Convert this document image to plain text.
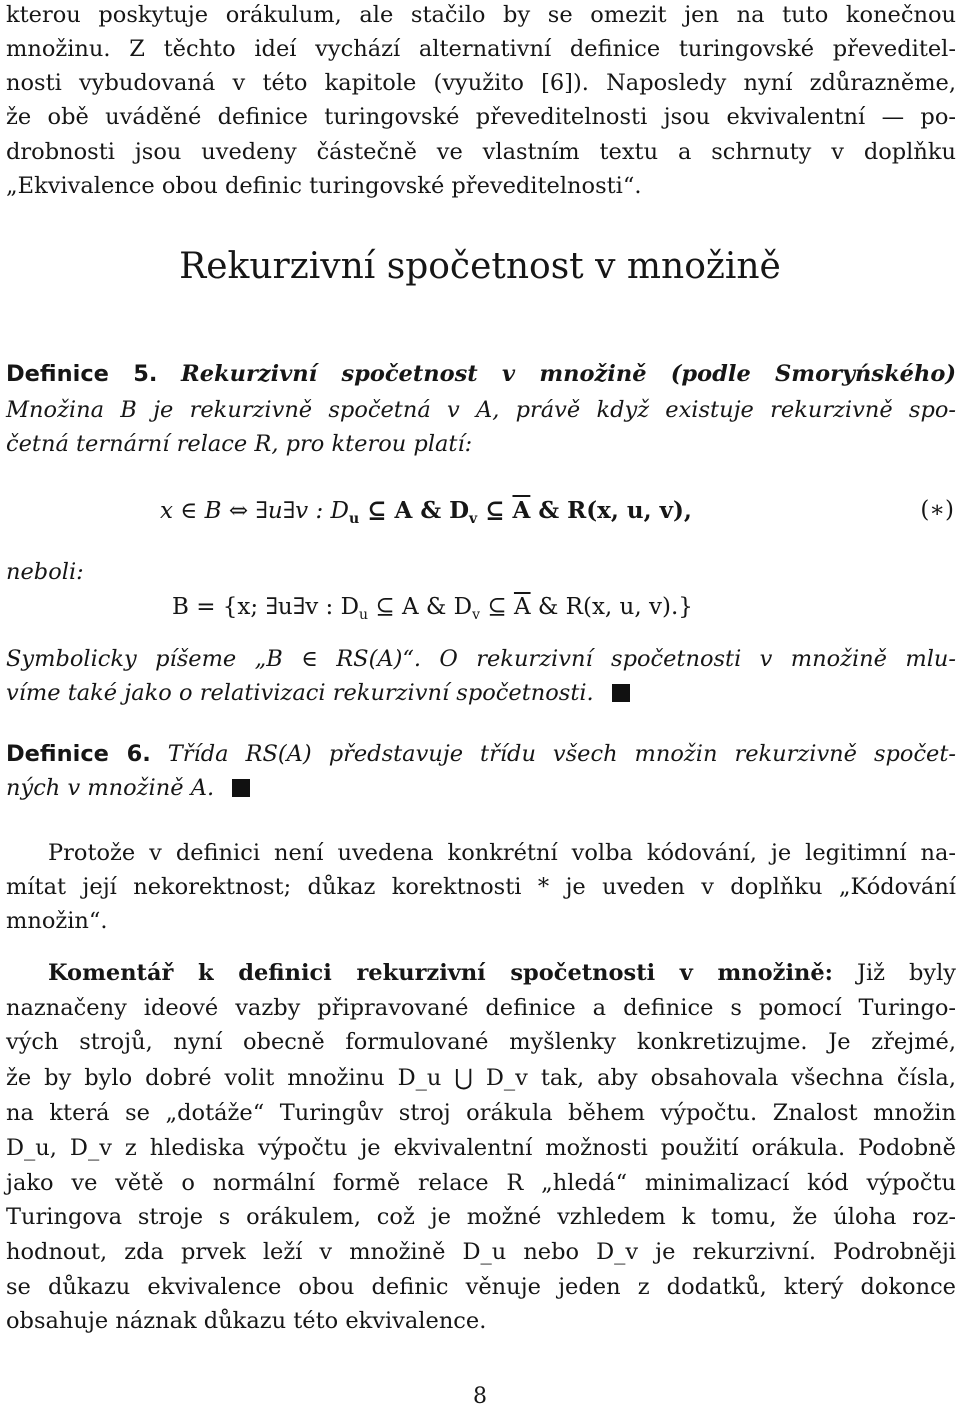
kterou poskytuje orákulum, ale stačilo by se omezit jen na tuto konečnou
množinu. Z těchto ideí vychází alternativní definice turingovské převeditel-
nosti vybudovaná v této kapitole (využito [6]). Naposledy nyní zdůrazněme,
že obě uváděné definice turingovské převeditelnosti jsou ekvivalentní — po-
drobnosti jsou uvedeny částečně ve vlastním textu a schrnuty v doplňku
„Ekvivalence obou definic turingovské převeditelnosti“.
Rekurzivní spočetnost v množině
Definice 5. Rekurzivní spočetnost v množině (podle Smoryńského)
Množina B je rekurzivně spočetná v A, právě když existuje rekurzivně spo-
četná ternární relace R, pro kterou platí:
x ∈ B ⇔ ∃u∃v : $D_u$ ⊆ A & $D_v$ ⊆ $\overline{A}$ & R(x, u, v),	(∗)
neboli:
B = {x; ∃u∃v : $D_u$ ⊆ A & $D_v$ ⊆ $\overline{A}$ & R(x, u, v).}
Symbolicky píšeme „B ∈ RS(A)“. O rekurzivní spočetnosti v množině mlu-
víme také jako o relativizaci rekurzivní spočetnosti.
Definice 6. Třída RS(A) představuje třídu všech množin rekurzivně spočet-
ných v množině A.
Protože v definici není uvedena konkrétní volba kódování, je legitimní na-
mítat její nekorektnost; důkaz korektnosti * je uveden v doplňku „Kódování
množin“.
Komentář k definici rekurzivní spočetnosti v množině: Již byly
naznačeny ideové vazby připravované definice a definice s pomocí Turingo-
vých strojů, nyní obecně formulované myšlenky konkretizujme. Je zřejmé,
že by bylo dobré volit množinu D_u ⋃ D_v tak, aby obsahovala všechna čísla,
na která se „dotáže“ Turingův stroj orákula během výpočtu. Znalost množin
D_u, D_v z hlediska výpočtu je ekvivalentní možnosti použití orákula. Podobně
jako ve větě o normální formě relace R „hledá“ minimalizací kód výpočtu
Turingova stroje s orákulem, což je možné vzhledem k tomu, že úloha roz-
hodnout, zda prvek leží v množině D_u nebo D_v je rekurzivní. Podrobněji
se důkazu ekvivalence obou definic věnuje jeden z dodatků, který dokonce
obsahuje náznak důkazu této ekvivalence.
8
